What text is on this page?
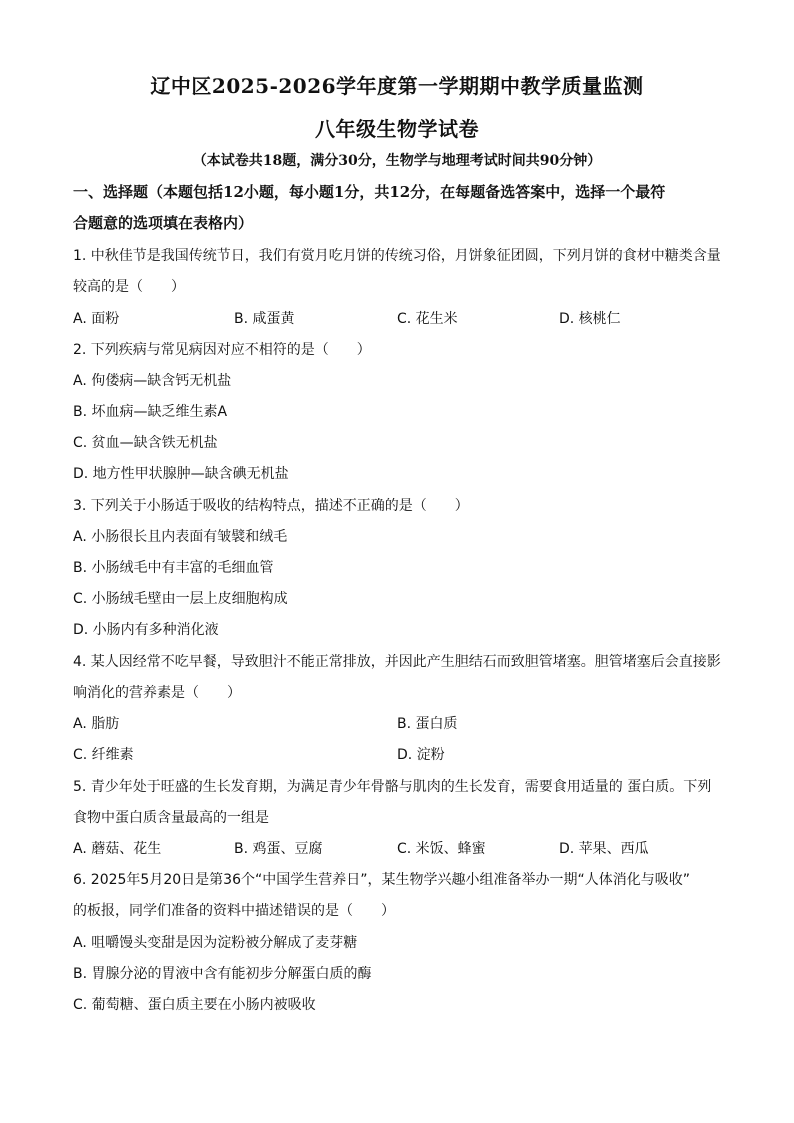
辽中区2025-2026学年度第一学期期中教学质量监测
八年级生物学试卷
（本试卷共18题，满分30分，生物学与地理考试时间共90分钟）
一、选择题（本题包括12小题，每小题1分，共12分，在每题备选答案中，选择一个最符
合题意的选项填在表格内）
1. 中秋佳节是我国传统节日，我们有赏月吃月饼的传统习俗，月饼象征团圆，下列月饼的食材中糖类含量
较高的是（　　）
A. 面粉	B. 咸蛋黄	C. 花生米	D. 核桃仁
2. 下列疾病与常见病因对应不相符的是（　　）
A. 佝偻病—缺含钙无机盐
B. 坏血病—缺乏维生素A
C. 贫血—缺含铁无机盐
D. 地方性甲状腺肿—缺含碘无机盐
3. 下列关于小肠适于吸收的结构特点，描述不正确的是（　　）
A. 小肠很长且内表面有皱襞和绒毛
B. 小肠绒毛中有丰富的毛细血管
C. 小肠绒毛壁由一层上皮细胞构成
D. 小肠内有多种消化液
4. 某人因经常不吃早餐，导致胆汁不能正常排放，并因此产生胆结石而致胆管堵塞。胆管堵塞后会直接影
响消化的营养素是（　　）
A. 脂肪	B. 蛋白质
C. 纤维素	D. 淀粉
5. 青少年处于旺盛的生长发育期，为满足青少年骨骼与肌肉的生长发育，需要食用适量的 蛋白质。下列
食物中蛋白质含量最高的一组是
A. 蘑菇、花生	B. 鸡蛋、豆腐	C. 米饭、蜂蜜	D. 苹果、西瓜
6. 2025年5月20日是第36个“中国学生营养日”，某生物学兴趣小组准备举办一期“人体消化与吸收”
的板报，同学们准备的资料中描述错误的是（　　）
A. 咀嚼馒头变甜是因为淀粉被分解成了麦芽糖
B. 胃腺分泌的胃液中含有能初步分解蛋白质的酶
C. 葡萄糖、蛋白质主要在小肠内被吸收
